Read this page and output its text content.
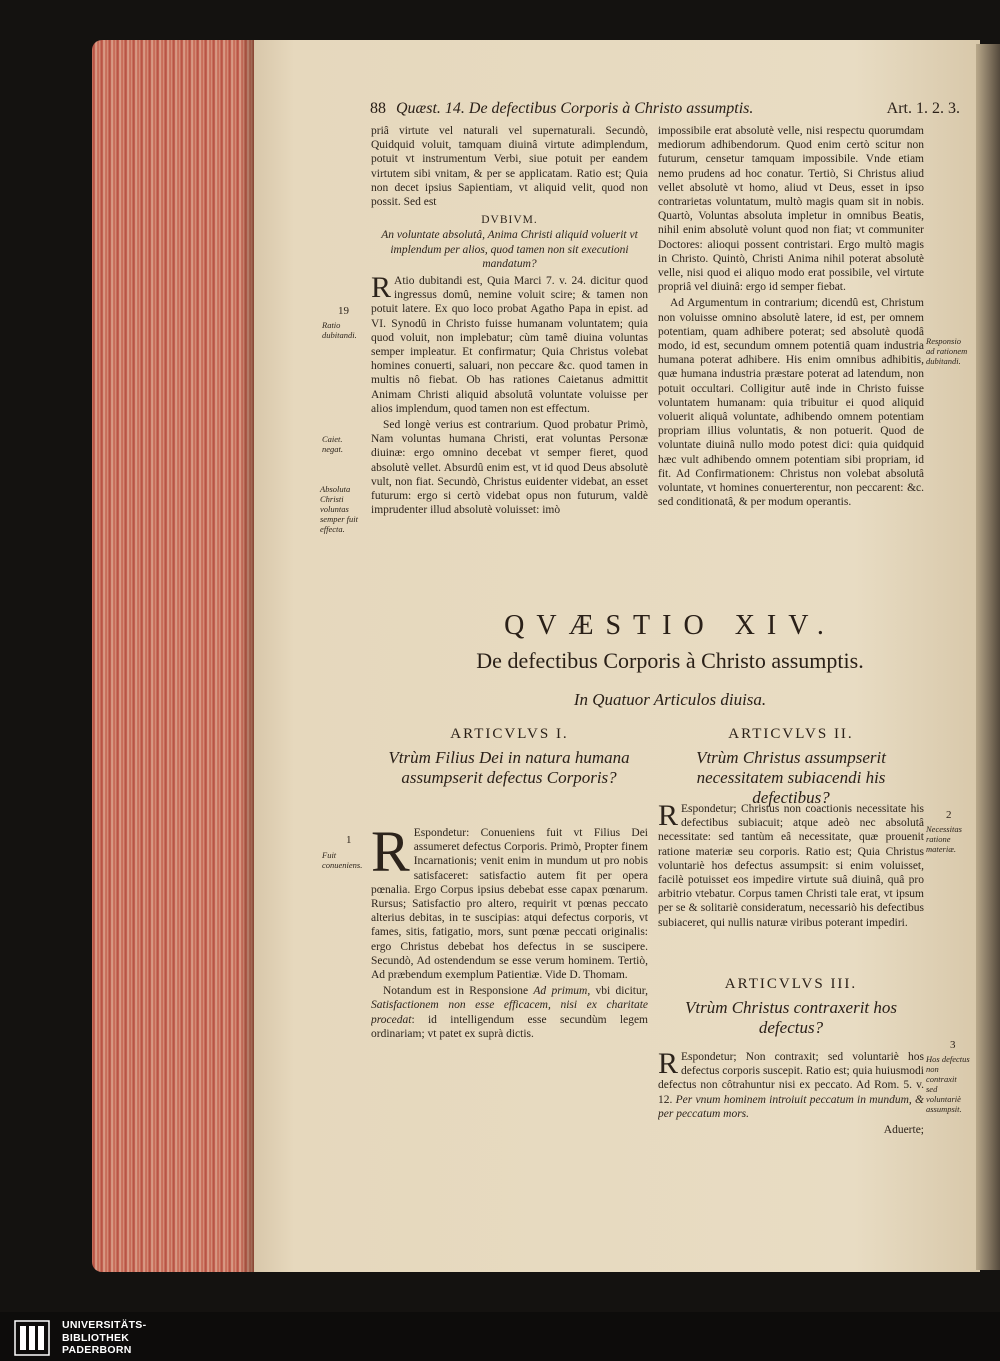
88 Quæst. 14. De defectibus Corporis à Christo assumptis.	Art. 1. 2. 3.

priâ virtute vel naturali vel supernaturali. Secundò, Quidquid voluit, tamquam diuinâ virtute adimplendum, potuit vt instrumentum Verbi, siue potuit per eandem virtutem sibi vnitam, & per se applicatam. Ratio est; Quia non decet ipsius Sapientiam, vt aliquid velit, quod non possit. Sed est

DVBIVM.

An voluntate absolutâ, Anima Christi aliquid voluerit vt implendum per alios, quod tamen non sit executioni mandatum?

R Atio dubitandi est, Quia Marci 7. v. 24. dicitur quod ingressus domû, nemine voluit scire; & tamen non potuit latere. Ex quo loco probat Agatho Papa in epist. ad VI. Synodû in Christo fuisse humanam voluntatem; quia quod voluit, non implebatur; cùm tamê diuina voluntas semper impleatur. Et confirmatur; Quia Christus volebat homines conuerti, saluari, non peccare &c. quod tamen in multis nô fiebat. Ob has rationes Caietanus admittit Animam Christi aliquid absolutâ voluntate voluisse per alios implendum, quod tamen non est effectum.

Sed longè verius est contrarium. Quod probatur Primò, Nam voluntas humana Christi, erat voluntas Personæ diuinæ: ergo omnino decebat vt semper fieret, quod absolutè vellet. Absurdû enim est, vt id quod Deus absolutè vult, non fiat. Secundò, Christus euidenter videbat, an esset futurum: ergo si certò videbat opus non futurum, valdè imprudenter illud absolutè voluisset: imò

impossibile erat absolutè velle, nisi respectu quorumdam mediorum adhibendorum. Quod enim certò scitur non futurum, censetur tamquam impossibile. Vnde etiam nemo prudens ad hoc conatur. Tertiò, Si Christus aliud vellet absolutè vt homo, aliud vt Deus, esset in ipso contrarietas voluntatum, multò magis quam sit in nobis. Quartò, Voluntas absoluta impletur in omnibus Beatis, nihil enim absolutè volunt quod non fiat; vt communiter Doctores: alioqui possent contristari. Ergo multò magis in Christo. Quintò, Christi Anima nihil poterat absolutè velle, nisi quod ei aliquo modo erat possibile, vel virtute propriâ vel diuinâ: ergo id semper fiebat.

Ad Argumentum in contrarium; dicendû est, Christum non voluisse omnino absolutè latere, id est, per omnem potentiam, quam adhibere poterat; sed absolutè quodâ modo, id est, secundum omnem potentiâ quam industria humana poterat adhibere. His enim omnibus adhibitis, quæ humana industria præstare poterat ad latendum, non potuit occultari. Colligitur autê inde in Christo fuisse voluntatem humanam: quia tribuitur ei quod aliquid voluerit aliquâ voluntate, adhibendo omnem potentiam propriam illius voluntatis, & non potuerit. Quod de voluntate diuinâ nullo modo potest dici: quia quidquid hæc vult adhibendo omnem potentiam sibi propriam, id fit. Ad Confirmationem: Christus non volebat absolutâ voluntate, vt homines conuerterentur, non peccarent: &c. sed conditionatâ, & per modum operantis.

19
Ratio dubitandi.
Caiet. negat.
Absoluta Christi voluntas semper fuit effecta.
1
Fuit conueniens.
Responsio ad rationem dubitandi.
2
Necessitas ratione materiæ.
3
Hos defectus non contraxit sed voluntariè assumpsit.
QVÆSTIO XIV.
De defectibus Corporis à Christo assumptis.
In Quatuor Articulos diuisa.
ARTICVLVS I.
Vtrùm Filius Dei in natura humana assumpserit defectus Corporis?

R Espondetur: Conueniens fuit vt Filius Dei assumeret defectus Corporis. Primò, Propter finem Incarnationis; venit enim in mundum ut pro nobis satisfaceret: satisfactio autem fit per opera pœnalia. Ergo Corpus ipsius debebat esse capax pœnarum. Rursus; Satisfactio pro altero, requirit vt pœnas peccato alterius debitas, in te suscipias: atqui defectus corporis, vt fames, sitis, fatigatio, mors, sunt pœnæ peccati originalis: ergo Christus debebat hos defectus in se suscipere. Secundò, Ad ostendendum se esse verum hominem. Tertiò, Ad præbendum exemplum Patientiæ. Vide D. Thomam.

Notandum est in Responsione Ad primum, vbi dicitur, Satisfactionem non esse efficacem, nisi ex charitate procedat: id intelligendum esse secundùm legem ordinariam; vt patet ex suprà dictis.

ARTICVLVS II.
Vtrùm Christus assumpserit necessitatem subiacendi his defectibus?

R Espondetur; Christus non coactionis necessitate his defectibus subiacuit; atque adeò nec absolutâ necessitate: sed tantùm eâ necessitate, quæ prouenit ratione materiæ seu corporis. Ratio est; Quia Christus voluntariè hos defectus assumpsit: si enim voluisset, facilè potuisset eos impedire virtute suâ diuinâ, quâ pro arbitrio vtebatur. Corpus tamen Christi tale erat, vt ipsum per se & solitariè consideratum, necessariò his defectibus subiaceret, qui nullis naturæ viribus poterant impediri.

ARTICVLVS III.
Vtrùm Christus contraxerit hos defectus?

R Espondetur; Non contraxit; sed voluntariè hos defectus corporis suscepit. Ratio est; quia huiusmodi defectus non côtrahuntur nisi ex peccato. Ad Rom. 5. v. 12. Per vnum hominem introiuit peccatum in mundum, & per peccatum mors.

Aduerte;

UNIVERSITÄTS-
BIBLIOTHEK
PADERBORN
